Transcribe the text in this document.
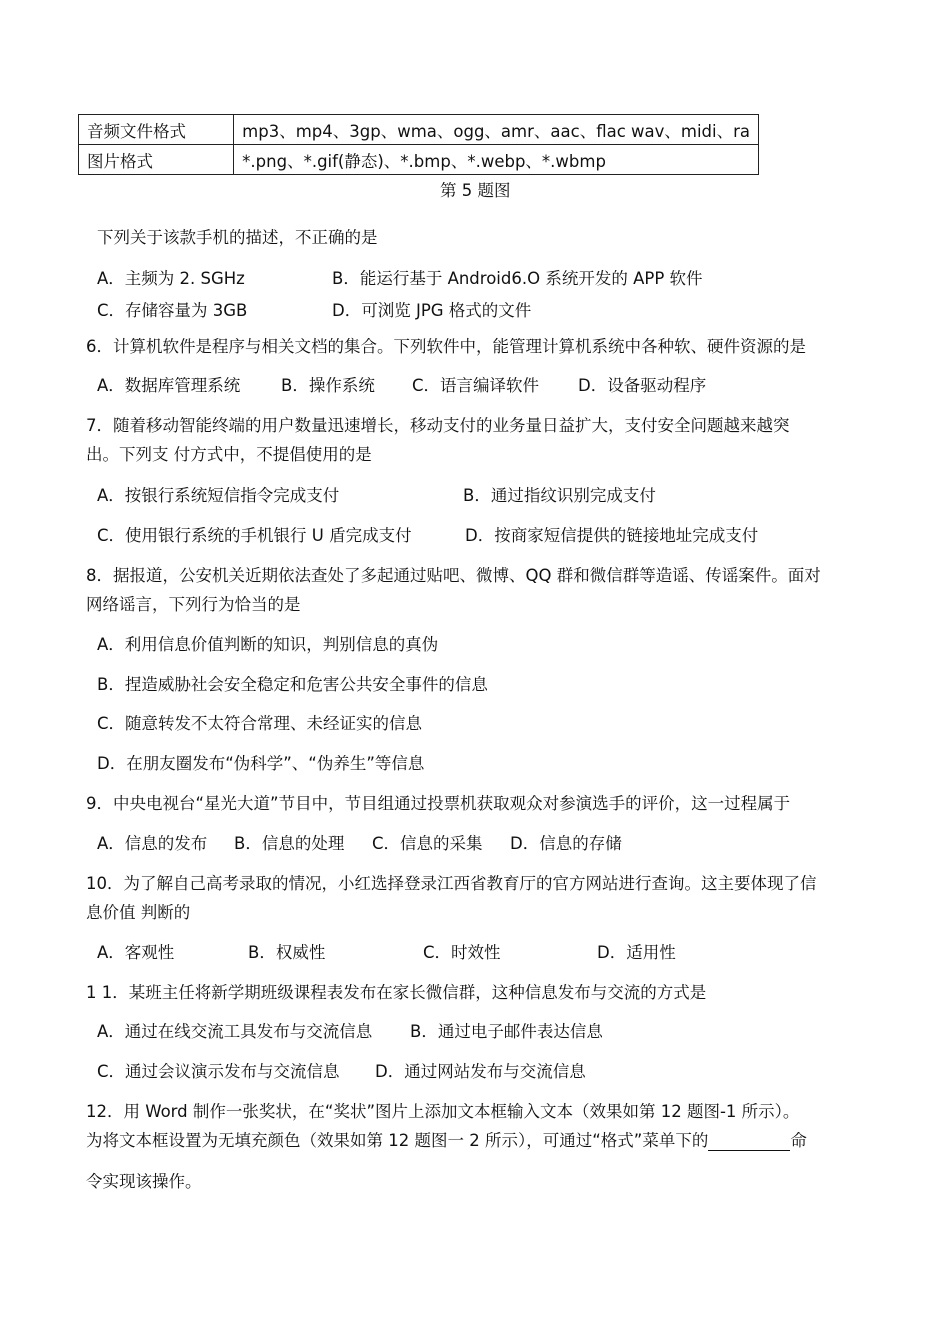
音频文件格式	mp3、mp4、3gp、wma、ogg、amr、aac、flac wav、midi、ra
图片格式	*.png、*.gif(静态)、*.bmp、*.webp、*.wbmp
第 5 题图
下列关于该款手机的描述，不正确的是
A．主频为 2. SGHz	B．能运行基于 Android6.O 系统开发的 APP 软件
C．存储容量为 3GB	D．可浏览 JPG 格式的文件
6．计算机软件是程序与相关文档的集合。下列软件中，能管理计算机系统中各种软、硬件资源的是
A．数据库管理系统 B．操作系统 C．语言编译软件 D．设备驱动程序
7．随着移动智能终端的用户数量迅速增长，移动支付的业务量日益扩大，支付安全问题越来越突
出。下列支 付方式中，不提倡使用的是
A．按银行系统短信指令完成支付	B．通过指纹识别完成支付
C．使用银行系统的手机银行 U 盾完成支付	D．按商家短信提供的链接地址完成支付
8．据报道，公安机关近期依法查处了多起通过贴吧、微博、QQ 群和微信群等造谣、传谣案件。面对
网络谣言，下列行为恰当的是
A．利用信息价值判断的知识，判别信息的真伪
B．捏造威胁社会安全稳定和危害公共安全事件的信息
C．随意转发不太符合常理、未经证实的信息
D．在朋友圈发布“伪科学”、“伪养生”等信息
9．中央电视台“星光大道”节目中，节目组通过投票机获取观众对参演选手的评价，这一过程属于
A．信息的发布 B．信息的处理 C．信息的采集 D．信息的存储
10．为了解自己高考录取的情况，小红选择登录江西省教育厅的官方网站进行查询。这主要体现了信
息价值 判断的
A．客观性	B．权威性	C．时效性	D．适用性
1 1．某班主任将新学期班级课程表发布在家长微信群，这种信息发布与交流的方式是
A．通过在线交流工具发布与交流信息 B．通过电子邮件表达信息
C．通过会议演示发布与交流信息 D．通过网站发布与交流信息
12．用 Word 制作一张奖状，在“奖状”图片上添加文本框输入文本（效果如第 12 题图-1 所示）。
为将文本框设置为无填充颜色（效果如第 12 题图一 2 所示），可通过“格式”菜单下的	命
令实现该操作。
